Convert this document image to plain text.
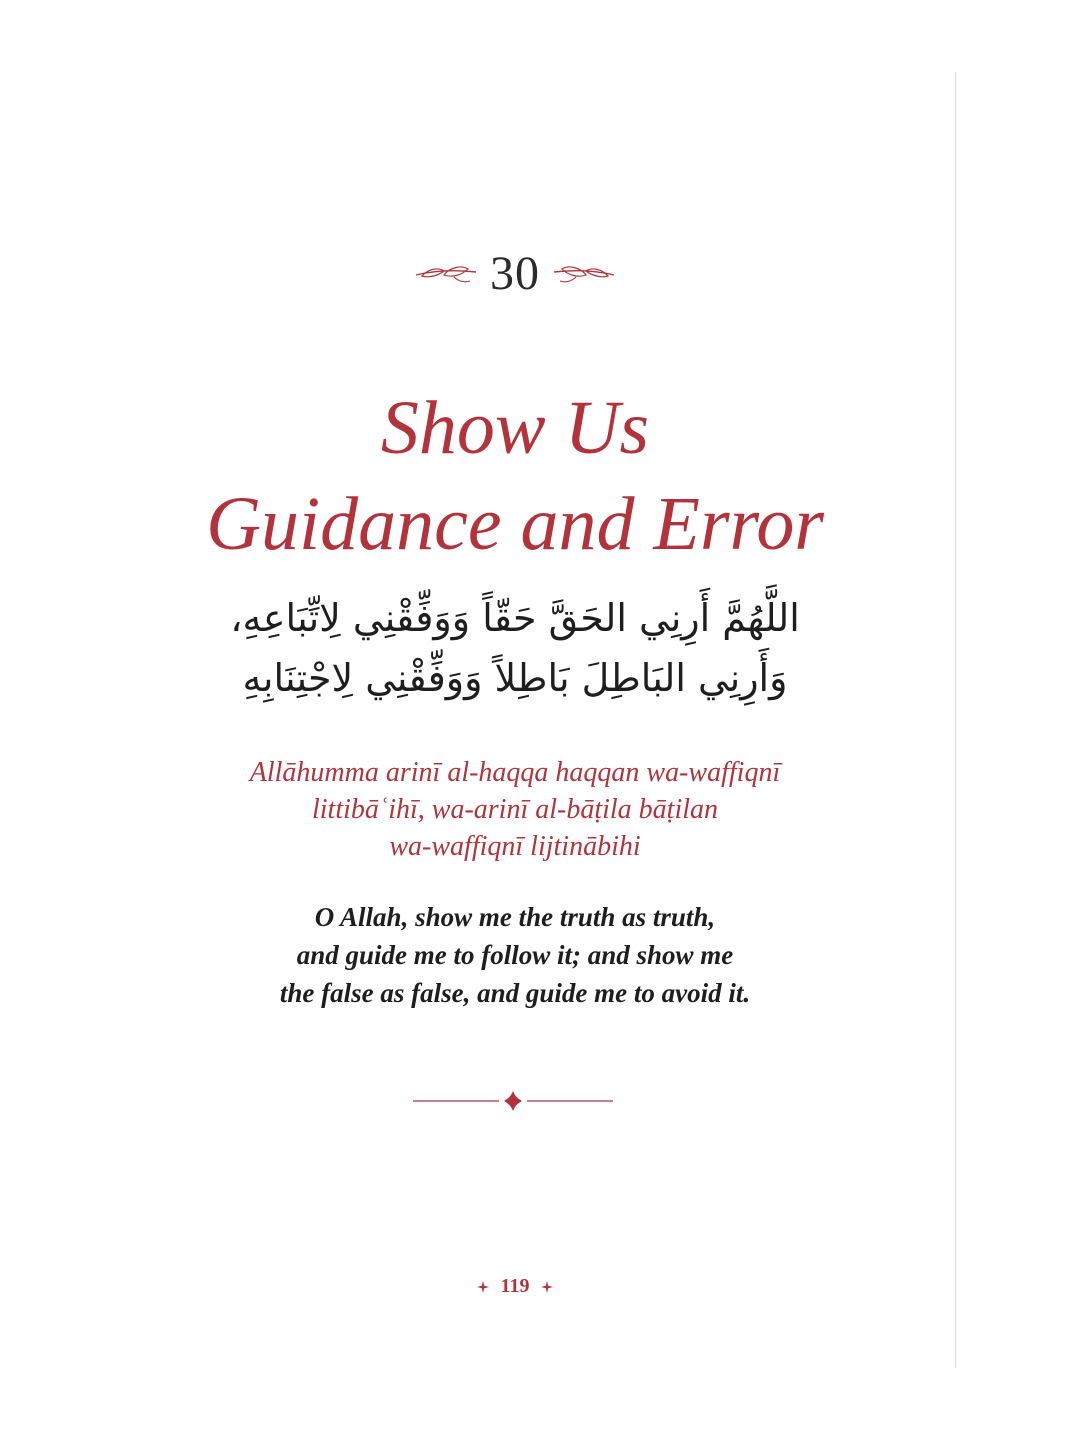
30
Show Us
Guidance and Error
اللَّهُمَّ أَرِنِي الحَقَّ حَقّاً وَوَفِّقْنِي لِاتِّبَاعِهِ،
وَأَرِنِي البَاطِلَ بَاطِلاً وَوَفِّقْنِي لِاجْتِنَابِهِ
Allāhumma arinī al-haqqa haqqan wa-waffiqnī
littibāʿihī, wa-arinī al-bāṭila bāṭilan
wa-waffiqnī lijtinābihi
O Allah, show me the truth as truth,
and guide me to follow it; and show me
the false as false, and guide me to avoid it.
119
